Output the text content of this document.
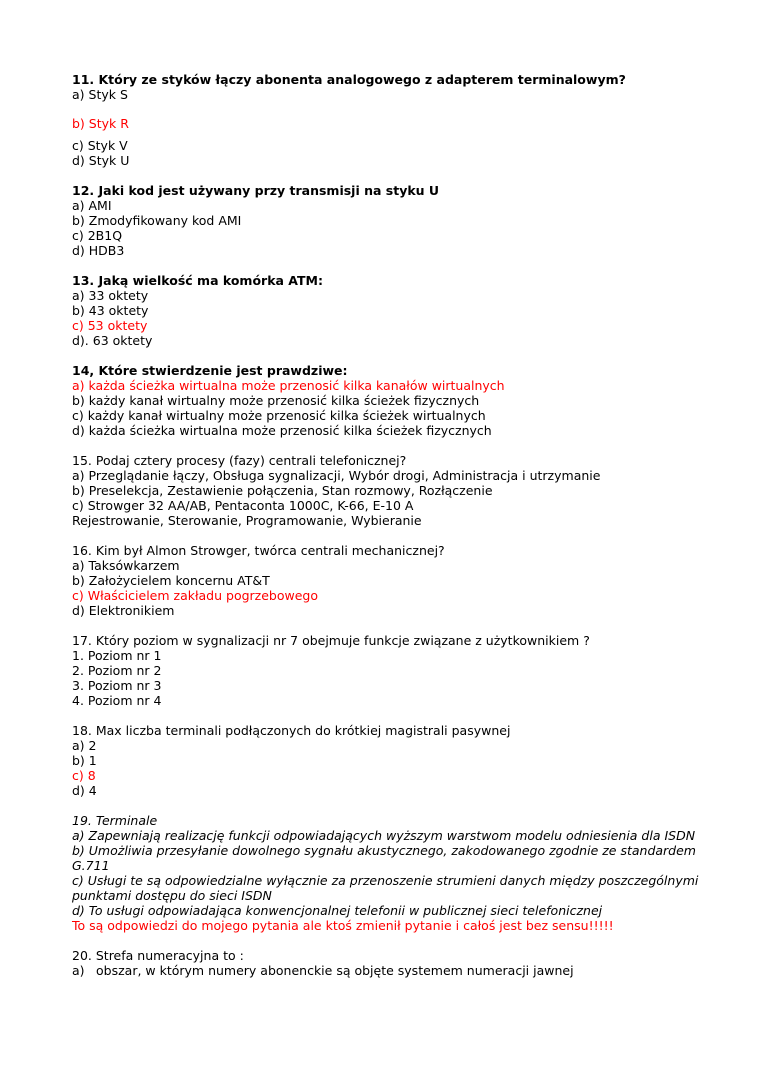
11. Który ze styków łączy abonenta analogowego z adapterem terminalowym?
a) Styk S
b) Styk R
c) Styk V
d) Styk U
12. Jaki kod jest używany przy transmisji na styku U
a) AMI
b) Zmodyfikowany kod AMI
c) 2B1Q
d) HDB3
13. Jaką wielkość ma komórka ATM:
a) 33 oktety
b) 43 oktety
c) 53 oktety
d). 63 oktety
14, Które stwierdzenie jest prawdziwe:
a) każda ścieżka wirtualna może przenosić kilka kanałów wirtualnych
b) każdy kanał wirtualny może przenosić kilka ścieżek fizycznych
c) każdy kanał wirtualny może przenosić kilka ścieżek wirtualnych
d) każda ścieżka wirtualna może przenosić kilka ścieżek fizycznych
15. Podaj cztery procesy (fazy) centrali telefonicznej?
a) Przeglądanie łączy, Obsługa sygnalizacji, Wybór drogi, Administracja i utrzymanie
b) Preselekcja, Zestawienie połączenia, Stan rozmowy, Rozłączenie
c) Strowger 32 AA/AB, Pentaconta 1000C, K-66, E-10 A
Rejestrowanie, Sterowanie, Programowanie, Wybieranie
16. Kim był Almon Strowger, twórca centrali mechanicznej?
a) Taksówkarzem
b) Założycielem koncernu AT&T
c) Właścicielem zakładu pogrzebowego
d) Elektronikiem
17. Który poziom w sygnalizacji nr 7 obejmuje funkcje związane z użytkownikiem ?
1. Poziom nr 1
2. Poziom nr 2
3. Poziom nr 3
4. Poziom nr 4
18. Max liczba terminali podłączonych do krótkiej magistrali pasywnej
a) 2
b) 1
c) 8
d) 4
19. Terminale
a) Zapewniają realizację funkcji odpowiadających wyższym warstwom modelu odniesienia dla ISDN
b) Umożliwia przesyłanie dowolnego sygnału akustycznego, zakodowanego zgodnie ze standardem G.711
c) Usługi te są odpowiedzialne wyłącznie za przenoszenie strumieni danych między poszczególnymi punktami dostępu do sieci ISDN
d) To usługi odpowiadająca konwencjonalnej telefonii w publicznej sieci telefonicznej
To są odpowiedzi do mojego pytania ale ktoś zmienił pytanie i całoś jest bez sensu!!!!!
20. Strefa numeracyjna to :
a) obszar, w którym numery abonenckie są objęte systemem numeracji jawnej
